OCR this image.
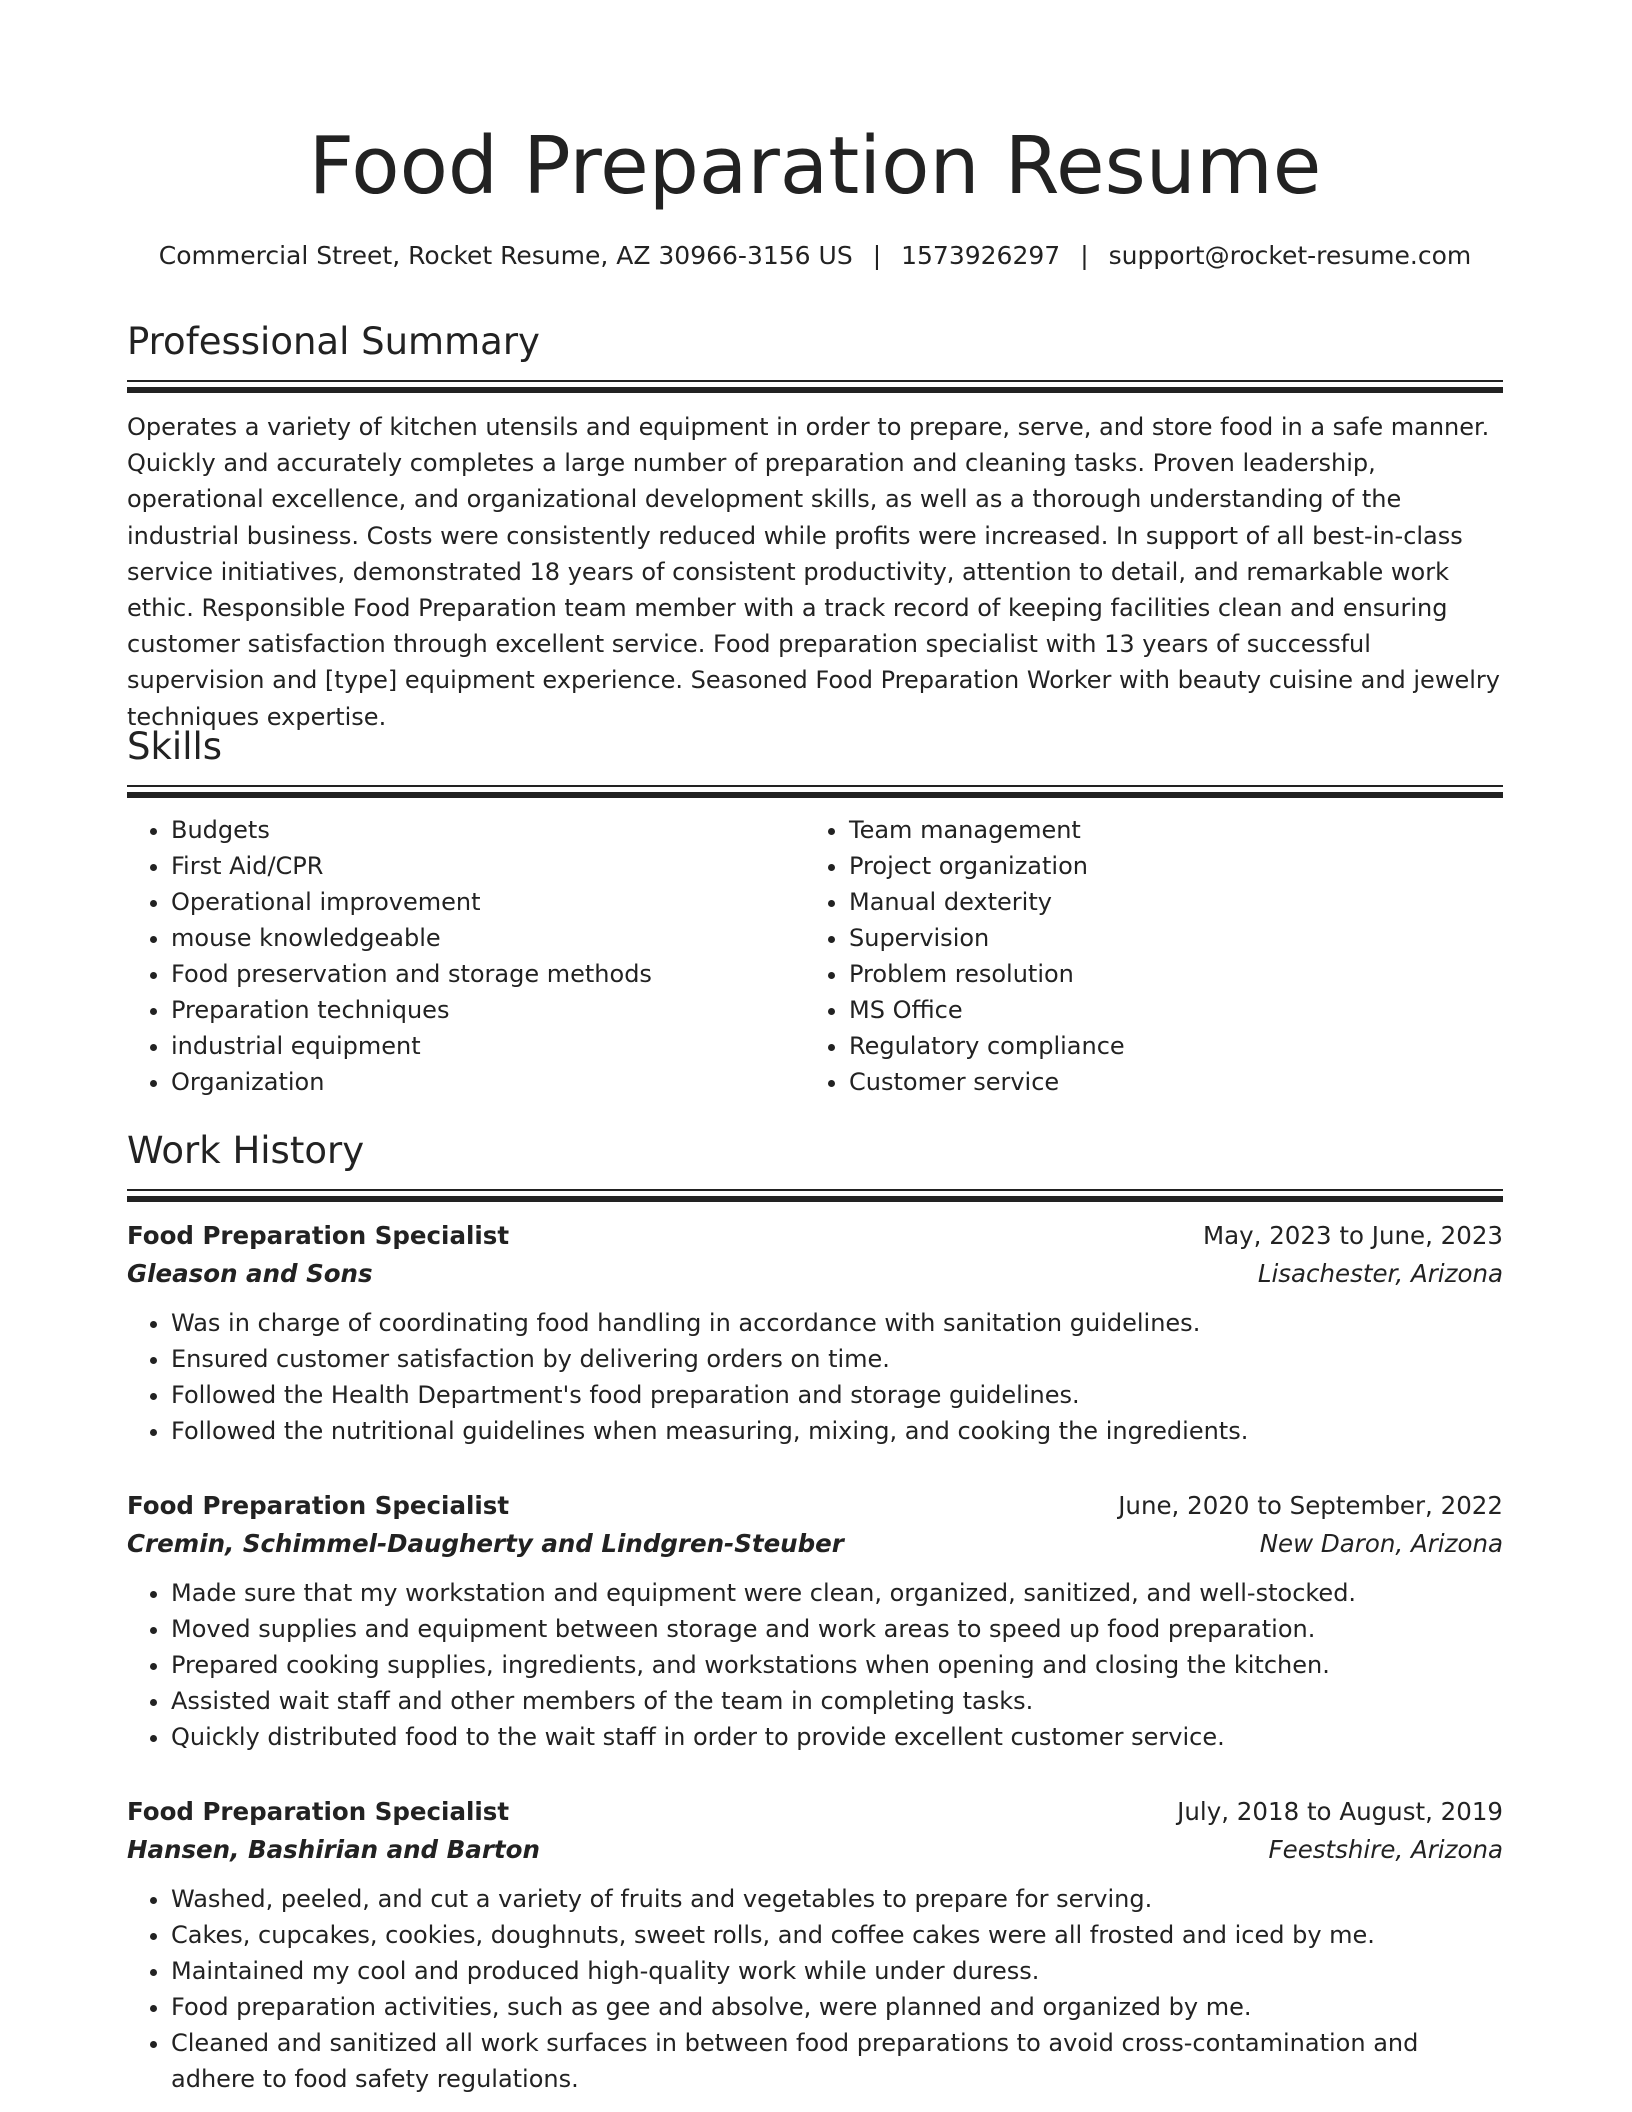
Food Preparation Resume
Commercial Street, Rocket Resume, AZ 30966-3156 US | 1573926297 | support@rocket-resume.com
Professional Summary

Operates a variety of kitchen utensils and equipment in order to prepare, serve, and store food in a safe manner. Quickly and accurately completes a large number of preparation and cleaning tasks. Proven leadership, operational excellence, and organizational development skills, as well as a thorough understanding of the industrial business. Costs were consistently reduced while profits were increased. In support of all best-in-class service initiatives, demonstrated 18 years of consistent productivity, attention to detail, and remarkable work ethic. Responsible Food Preparation team member with a track record of keeping facilities clean and ensuring customer satisfaction through excellent service. Food preparation specialist with 13 years of successful supervision and [type] equipment experience. Seasoned Food Preparation Worker with beauty cuisine and jewelry techniques expertise.

Skills
• Budgets
• First Aid/CPR
• Operational improvement
• mouse knowledgeable
• Food preservation and storage methods
• Preparation techniques
• industrial equipment
• Organization
• Team management
• Project organization
• Manual dexterity
• Supervision
• Problem resolution
• MS Office
• Regulatory compliance
• Customer service
Work History
Food Preparation Specialist	May, 2023 to June, 2023
Gleason and Sons	Lisachester, Arizona
• Was in charge of coordinating food handling in accordance with sanitation guidelines.
• Ensured customer satisfaction by delivering orders on time.
• Followed the Health Department's food preparation and storage guidelines.
• Followed the nutritional guidelines when measuring, mixing, and cooking the ingredients.
Food Preparation Specialist	June, 2020 to September, 2022
Cremin, Schimmel-Daugherty and Lindgren-Steuber	New Daron, Arizona
• Made sure that my workstation and equipment were clean, organized, sanitized, and well-stocked.
• Moved supplies and equipment between storage and work areas to speed up food preparation.
• Prepared cooking supplies, ingredients, and workstations when opening and closing the kitchen.
• Assisted wait staff and other members of the team in completing tasks.
• Quickly distributed food to the wait staff in order to provide excellent customer service.
Food Preparation Specialist	July, 2018 to August, 2019
Hansen, Bashirian and Barton	Feestshire, Arizona
• Washed, peeled, and cut a variety of fruits and vegetables to prepare for serving.
• Cakes, cupcakes, cookies, doughnuts, sweet rolls, and coffee cakes were all frosted and iced by me.
• Maintained my cool and produced high-quality work while under duress.
• Food preparation activities, such as gee and absolve, were planned and organized by me.
• Cleaned and sanitized all work surfaces in between food preparations to avoid cross-contamination and adhere to food safety regulations.
